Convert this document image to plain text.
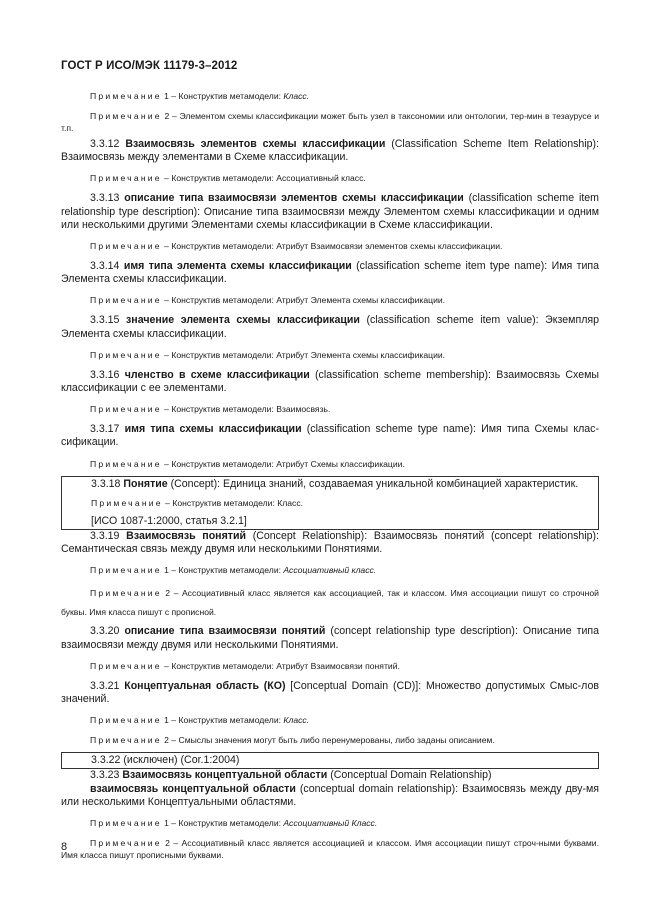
ГОСТ Р ИСО/МЭК 11179-3–2012

Примечание 1 – Конструктив метамодели: Класс.

Примечание 2 – Элементом схемы классификации может быть узел в таксономии или онтологии, тер-мин в тезаурусе и т.п.

3.3.12 Взаимосвязь элементов схемы классификации (Classification Scheme Item Relationship): Взаимосвязь между элементами в Схеме классификации.

Примечание – Конструктив метамодели: Ассоциативный класс.

3.3.13 описание типа взаимосвязи элементов схемы классификации (classification scheme item relationship type description): Описание типа взаимосвязи между Элементом схемы классификации и одним или несколькими другими Элементами схемы классификации в Схеме классификации.

Примечание – Конструктив метамодели: Атрибут Взаимосвязи элементов схемы классификации.

3.3.14 имя типа элемента схемы классификации (classification scheme item type name): Имя типа Элемента схемы классификации.

Примечание – Конструктив метамодели: Атрибут Элемента схемы классификации.

3.3.15 значение элемента схемы классификации (classification scheme item value): Экземпляр Элемента схемы классификации.

Примечание – Конструктив метамодели: Атрибут Элемента схемы классификации.

3.3.16 членство в схеме классификации (classification scheme membership): Взаимосвязь Схемы классификации с ее элементами.

Примечание – Конструктив метамодели: Взаимосвязь.

3.3.17 имя типа схемы классификации (classification scheme type name): Имя типа Схемы клас-сификации.

Примечание – Конструктив метамодели: Атрибут Схемы классификации.

3.3.18 Понятие (Concept): Единица знаний, создаваемая уникальной комбинацией характеристик.

Примечание – Конструктив метамодели: Класс.

[ИСО 1087-1:2000, статья 3.2.1]

3.3.19 Взаимосвязь понятий (Concept Relationship): Взаимосвязь понятий (concept relationship): Семантическая связь между двумя или несколькими Понятиями.

Примечание 1 – Конструктив метамодели: Ассоциативный класс.

Примечание 2 – Ассоциативный класс является как ассоциацией, так и классом. Имя ассоциации пишут со строчной буквы. Имя класса пишут с прописной.

3.3.20 описание типа взаимосвязи понятий (concept relationship type description): Описание типа взаимосвязи между двумя или несколькими Понятиями.

Примечание – Конструктив метамодели: Атрибут Взаимосвязи понятий.

3.3.21 Концептуальная область (КО) [Conceptual Domain (CD)]: Множество допустимых Смыс-лов значений.

Примечание 1 – Конструктив метамодели: Класс.

Примечание 2 – Смыслы значения могут быть либо перенумерованы, либо заданы описанием.

3.3.22 (исключен) (Cor.1:2004)

3.3.23 Взаимосвязь концептуальной области (Conceptual Domain Relationship)

взаимосвязь концептуальной области (conceptual domain relationship): Взаимосвязь между дву-мя или несколькими Концептуальными областями.

Примечание 1 – Конструктив метамодели: Ассоциативный Класс.

Примечание 2 – Ассоциативный класс является ассоциацией и классом. Имя ассоциации пишут строч-ными буквами. Имя класса пишут прописными буквами.

8
